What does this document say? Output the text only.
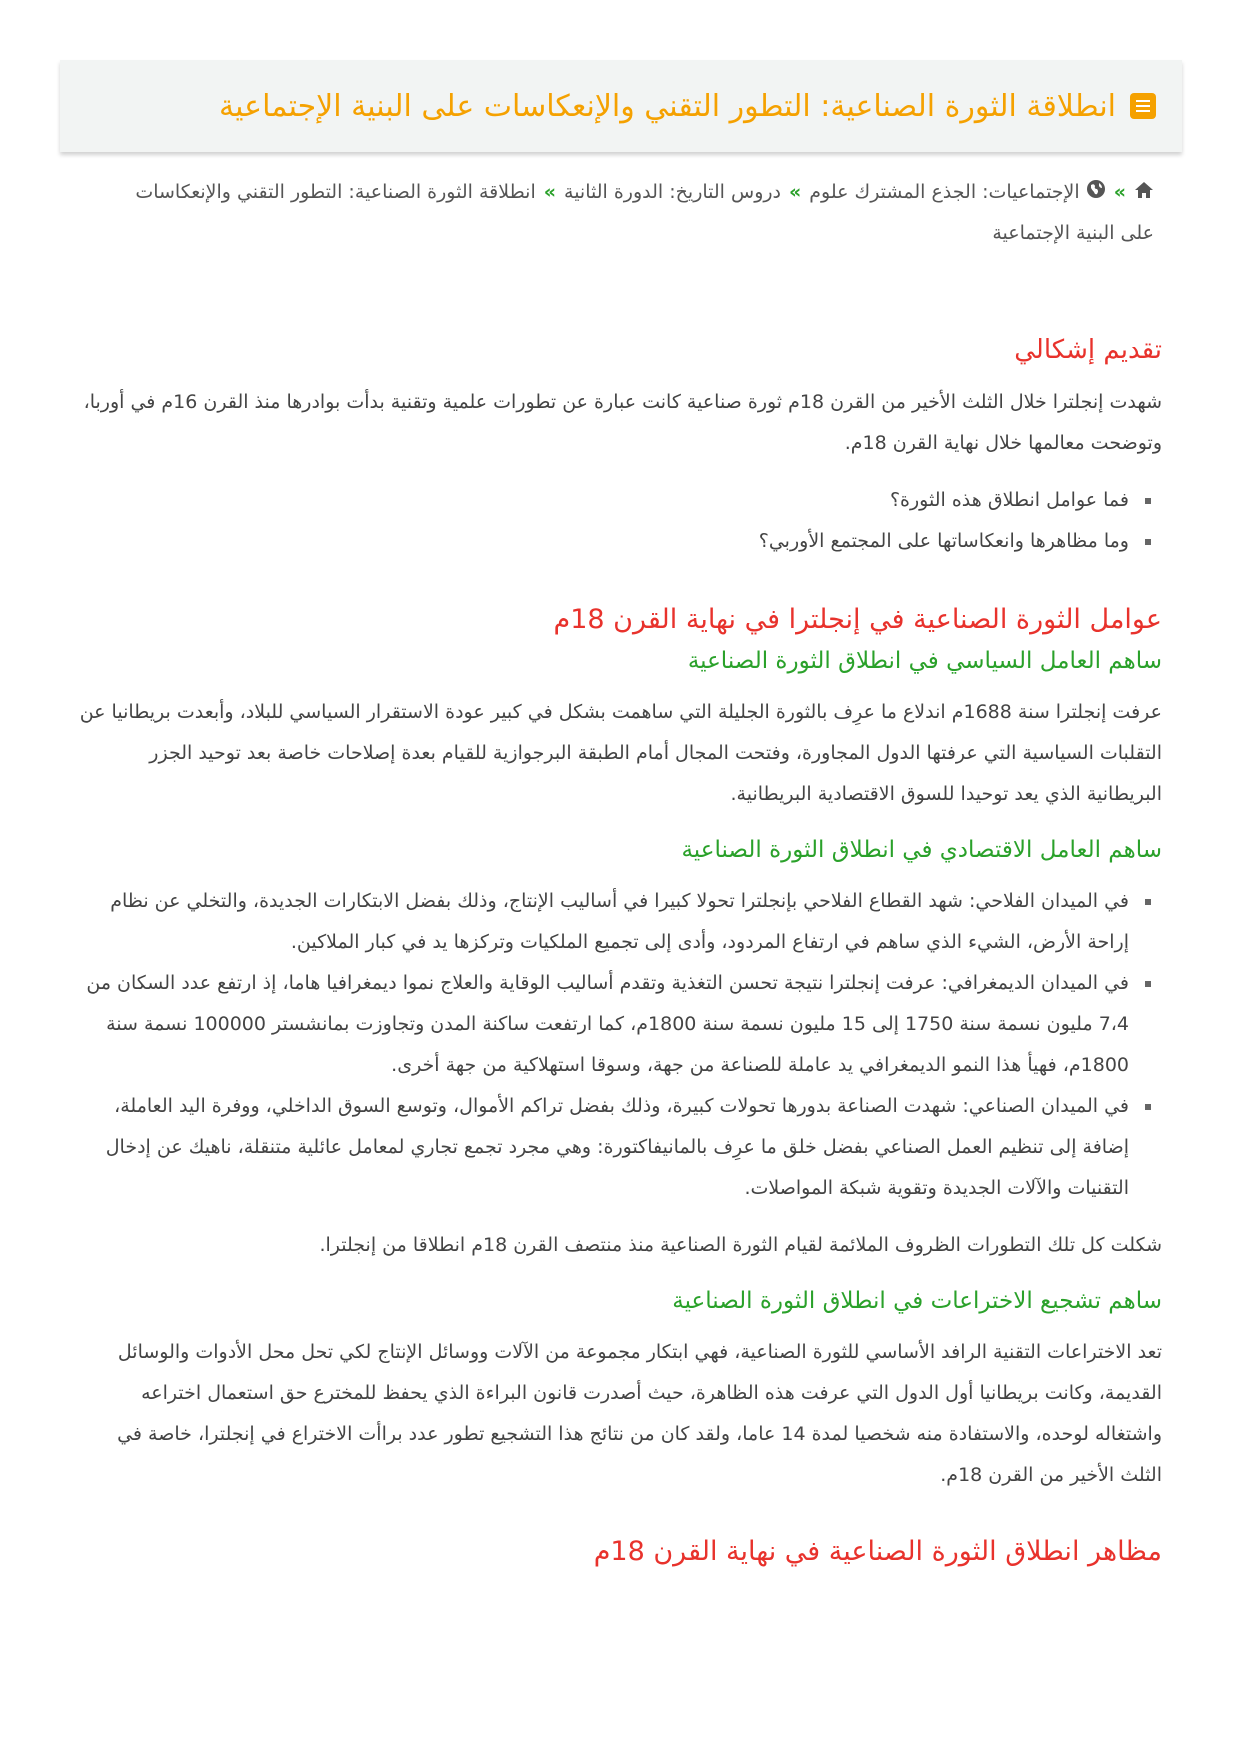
انطلاقة الثورة الصناعية: التطور التقني والإنعكاسات على البنية الإجتماعية
» الإجتماعيات: الجذع المشترك علوم»دروس التاريخ: الدورة الثانية»انطلاقة الثورة الصناعية: التطور التقني والإنعكاسات على البنية الإجتماعية
تقديم إشكالي

شهدت إنجلترا خلال الثلث الأخير من القرن 18م ثورة صناعية كانت عبارة عن تطورات علمية وتقنية بدأت بوادرها منذ القرن 16م في أوربا، وتوضحت معالمها خلال نهاية القرن 18م.

فما عوامل انطلاق هذه الثورة؟
وما مظاهرها وانعكاساتها على المجتمع الأوربي؟
عوامل الثورة الصناعية في إنجلترا في نهاية القرن 18م
ساهم العامل السياسي في انطلاق الثورة الصناعية

عرفت إنجلترا سنة 1688م اندلاع ما عرِف بالثورة الجليلة التي ساهمت بشكل في كبير عودة الاستقرار السياسي للبلاد، وأبعدت بريطانيا عن التقلبات السياسية التي عرفتها الدول المجاورة، وفتحت المجال أمام الطبقة البرجوازية للقيام بعدة إصلاحات خاصة بعد توحيد الجزر البريطانية الذي يعد توحيدا للسوق الاقتصادية البريطانية.

ساهم العامل الاقتصادي في انطلاق الثورة الصناعية
في الميدان الفلاحي: شهد القطاع الفلاحي بإنجلترا تحولا كبيرا في أساليب الإنتاج، وذلك بفضل الابتكارات الجديدة، والتخلي عن نظام إراحة الأرض، الشيء الذي ساهم في ارتفاع المردود، وأدى إلى تجميع الملكيات وتركزها يد في كبار الملاكين.
في الميدان الديمغرافي: عرفت إنجلترا نتيجة تحسن التغذية وتقدم أساليب الوقاية والعلاج نموا ديمغرافيا هاما، إذ ارتفع عدد السكان من 7،4 مليون نسمة سنة 1750 إلى 15 مليون نسمة سنة 1800م، كما ارتفعت ساكنة المدن وتجاوزت بمانشستر 100000 نسمة سنة 1800م، فهيأ هذا النمو الديمغرافي يد عاملة للصناعة من جهة، وسوقا استهلاكية من جهة أخرى.
في الميدان الصناعي: شهدت الصناعة بدورها تحولات كبيرة، وذلك بفضل تراكم الأموال، وتوسع السوق الداخلي، ووفرة اليد العاملة، إضافة إلى تنظيم العمل الصناعي بفضل خلق ما عرِف بالمانيفاكتورة: وهي مجرد تجمع تجاري لمعامل عائلية متنقلة، ناهيك عن إدخال التقنيات والآلات الجديدة وتقوية شبكة المواصلات.

شكلت كل تلك التطورات الظروف الملائمة لقيام الثورة الصناعية منذ منتصف القرن 18م انطلاقا من إنجلترا.

ساهم تشجيع الاختراعات في انطلاق الثورة الصناعية

تعد الاختراعات التقنية الرافد الأساسي للثورة الصناعية، فهي ابتكار مجموعة من الآلات ووسائل الإنتاج لكي تحل محل الأدوات والوسائل القديمة، وكانت بريطانيا أول الدول التي عرفت هذه الظاهرة، حيث أصدرت قانون البراءة الذي يحفظ للمخترع حق استعمال اختراعه واشتغاله لوحده، والاستفادة منه شخصيا لمدة 14 عاما، ولقد كان من نتائج هذا التشجيع تطور عدد براأت الاختراع في إنجلترا، خاصة في الثلث الأخير من القرن 18م.

مظاهر انطلاق الثورة الصناعية في نهاية القرن 18م
